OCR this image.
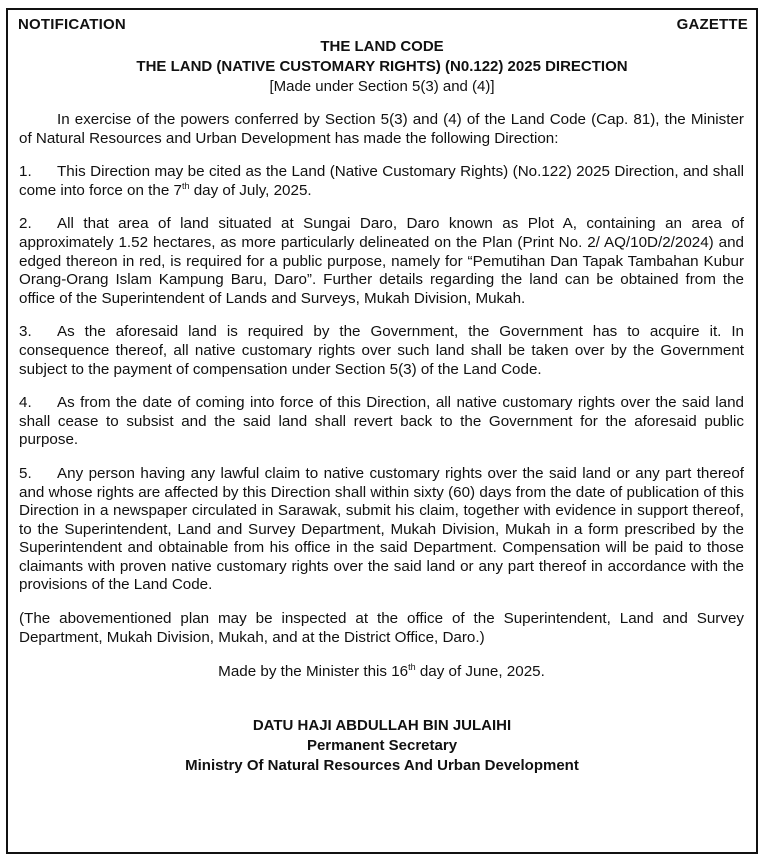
NOTIFICATION	GAZETTE
THE LAND CODE
THE LAND (NATIVE CUSTOMARY RIGHTS) (N0.122) 2025 DIRECTION
[Made under Section 5(3) and (4)]

In exercise of the powers conferred by Section 5(3) and (4) of the Land Code (Cap. 81), the Minister of Natural Resources and Urban Development has made the following Direction:

1. This Direction may be cited as the Land (Native Customary Rights) (No.122) 2025 Direction, and shall come into force on the 7th day of July, 2025.

2. All that area of land situated at Sungai Daro, Daro known as Plot A, containing an area of approximately 1.52 hectares, as more particularly delineated on the Plan (Print No. 2/ AQ/10D/2/2024) and edged thereon in red, is required for a public purpose, namely for “Pemutihan Dan Tapak Tambahan Kubur Orang-Orang Islam Kampung Baru, Daro”. Further details regarding the land can be obtained from the office of the Superintendent of Lands and Surveys, Mukah Division, Mukah.

3. As the aforesaid land is required by the Government, the Government has to acquire it. In consequence thereof, all native customary rights over such land shall be taken over by the Government subject to the payment of compensation under Section 5(3) of the Land Code.

4. As from the date of coming into force of this Direction, all native customary rights over the said land shall cease to subsist and the said land shall revert back to the Government for the aforesaid public purpose.

5. Any person having any lawful claim to native customary rights over the said land or any part thereof and whose rights are affected by this Direction shall within sixty (60) days from the date of publication of this Direction in a newspaper circulated in Sarawak, submit his claim, together with evidence in support thereof, to the Superintendent, Land and Survey Department, Mukah Division, Mukah in a form prescribed by the Superintendent and obtainable from his office in the said Department. Compensation will be paid to those claimants with proven native customary rights over the said land or any part thereof in accordance with the provisions of the Land Code.

(The abovementioned plan may be inspected at the office of the Superintendent, Land and Survey Department, Mukah Division, Mukah, and at the District Office, Daro.)

Made by the Minister this 16th day of June, 2025.

DATU HAJI ABDULLAH BIN JULAIHI
Permanent Secretary
Ministry Of Natural Resources And Urban Development
